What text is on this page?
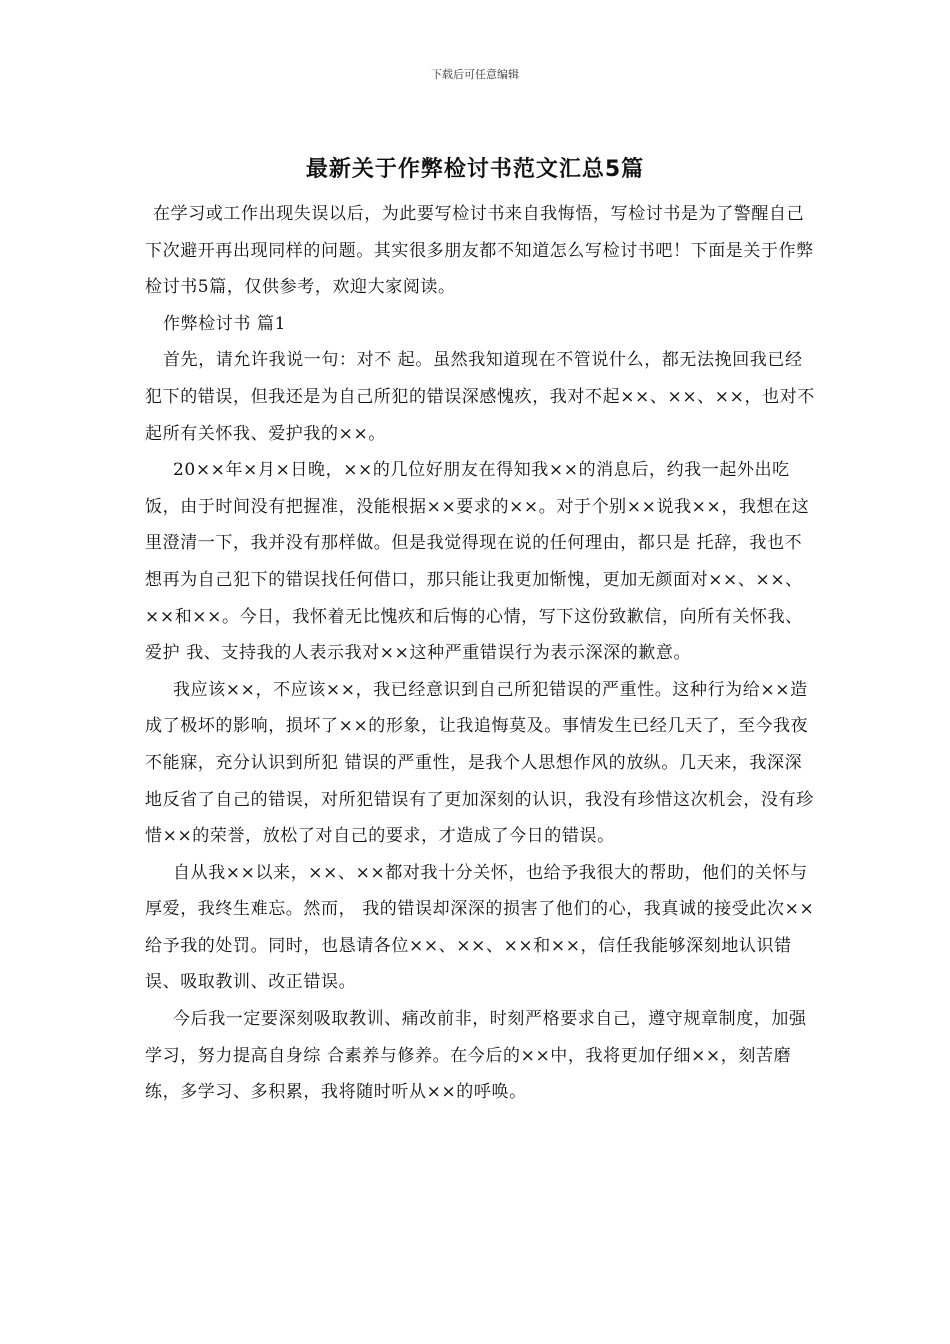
下载后可任意编辑
最新关于作弊检讨书范文汇总5篇

在学习或工作出现失误以后，为此要写检讨书来自我悔悟，写检讨书是为了警醒自己下次避开再出现同样的问题。其实很多朋友都不知道怎么写检讨书吧！下面是关于作弊检讨书5篇，仅供参考，欢迎大家阅读。

作弊检讨书 篇1

首先，请允许我说一句：对不 起。虽然我知道现在不管说什么，都无法挽回我已经犯下的错误，但我还是为自己所犯的错误深感愧疚，我对不起××、××、××，也对不起所有关怀我、爱护我的××。

20××年×月×日晚，××的几位好朋友在得知我××的消息后，约我一起外出吃饭，由于时间没有把握准，没能根据××要求的××。对于个别××说我××，我想在这里澄清一下，我并没有那样做。但是我觉得现在说的任何理由，都只是 托辞，我也不想再为自己犯下的错误找任何借口，那只能让我更加惭愧，更加无颜面对××、××、××和××。今日，我怀着无比愧疚和后悔的心情，写下这份致歉信，向所有关怀我、爱护 我、支持我的人表示我对××这种严重错误行为表示深深的歉意。

我应该××，不应该××，我已经意识到自己所犯错误的严重性。这种行为给××造成了极坏的影响，损坏了××的形象，让我追悔莫及。事情发生已经几天了，至今我夜不能寐，充分认识到所犯 错误的严重性，是我个人思想作风的放纵。几天来，我深深地反省了自己的错误，对所犯错误有了更加深刻的认识，我没有珍惜这次机会，没有珍惜××的荣誉，放松了对自己的要求，才造成了今日的错误。

自从我××以来，××、××都对我十分关怀，也给予我很大的帮助，他们的关怀与厚爱，我终生难忘。然而， 我的错误却深深的损害了他们的心，我真诚的接受此次××给予我的处罚。同时，也恳请各位××、××、××和××，信任我能够深刻地认识错误、吸取教训、改正错误。

今后我一定要深刻吸取教训、痛改前非，时刻严格要求自己，遵守规章制度，加强学习，努力提高自身综 合素养与修养。在今后的××中，我将更加仔细××，刻苦磨练，多学习、多积累，我将随时听从××的呼唤。
